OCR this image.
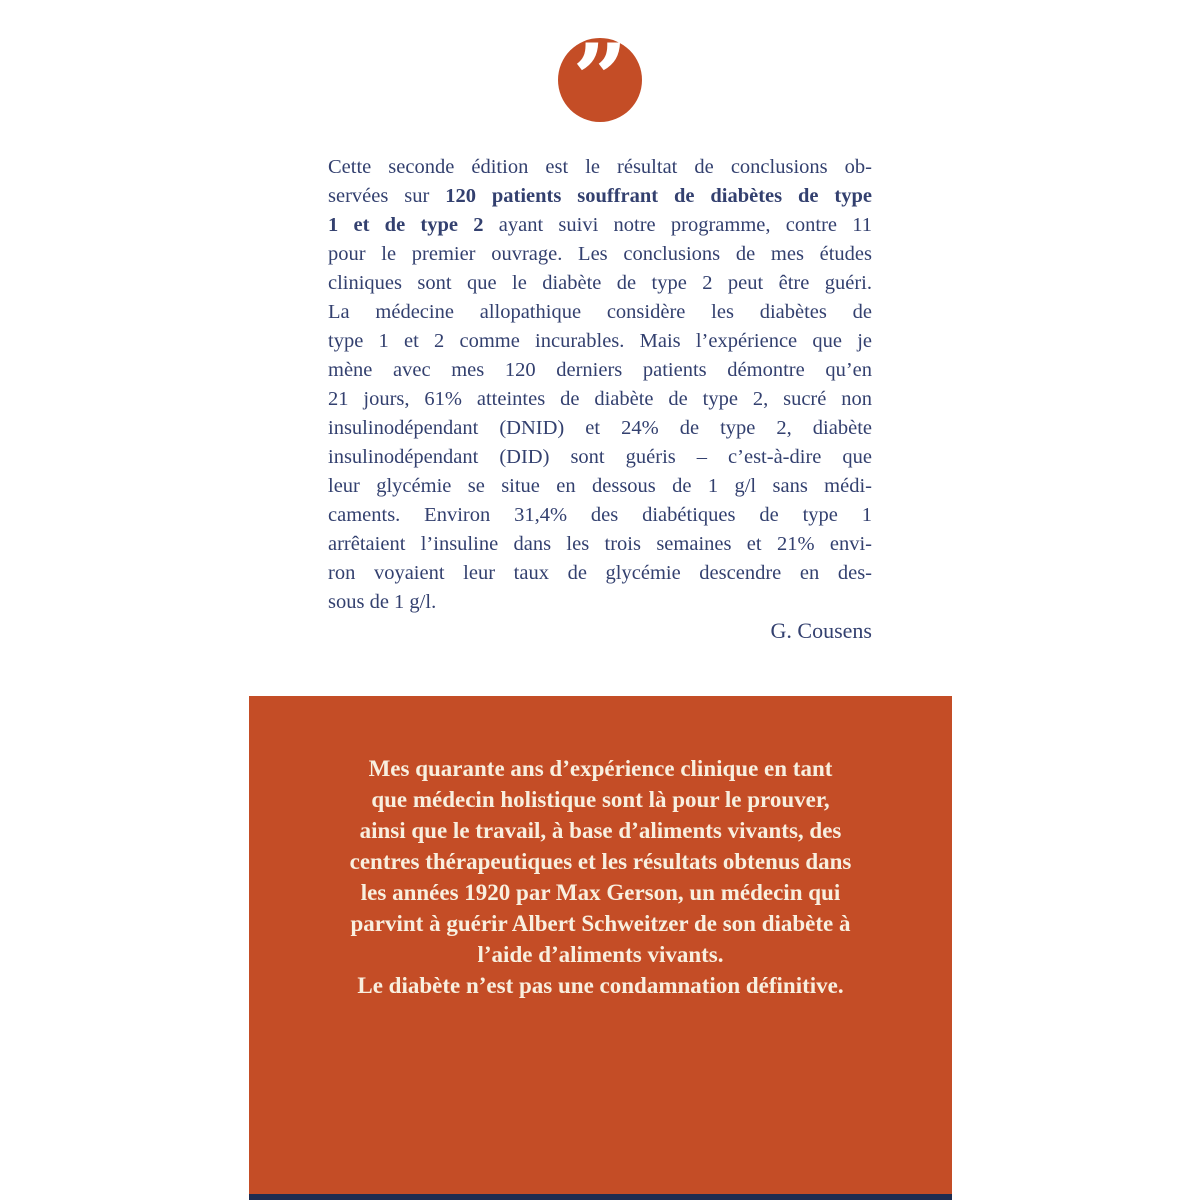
”
Cette seconde édition est le résultat de conclusions ob-
servées sur 120 patients souffrant de diabètes de type
1 et de type 2 ayant suivi notre programme, contre 11
pour le premier ouvrage. Les conclusions de mes études
cliniques sont que le diabète de type 2 peut être guéri.
La médecine allopathique considère les diabètes de
type 1 et 2 comme incurables. Mais l’expérience que je
mène avec mes 120 derniers patients démontre qu’en
21 jours, 61% atteintes de diabète de type 2, sucré non
insulinodépendant (DNID) et 24% de type 2, diabète
insulinodépendant (DID) sont guéris – c’est-à-dire que
leur glycémie se situe en dessous de 1 g/l sans médi-
caments. Environ 31,4% des diabétiques de type 1
arrêtaient l’insuline dans les trois semaines et 21% envi-
ron voyaient leur taux de glycémie descendre en des-
sous de 1 g/l.
G. Cousens
Mes quarante ans d’expérience clinique en tant
que médecin holistique sont là pour le prouver,
ainsi que le travail, à base d’aliments vivants, des
centres thérapeutiques et les résultats obtenus dans
les années 1920 par Max Gerson, un médecin qui
parvint à guérir Albert Schweitzer de son diabète à
l’aide d’aliments vivants.
Le diabète n’est pas une condamnation définitive.
